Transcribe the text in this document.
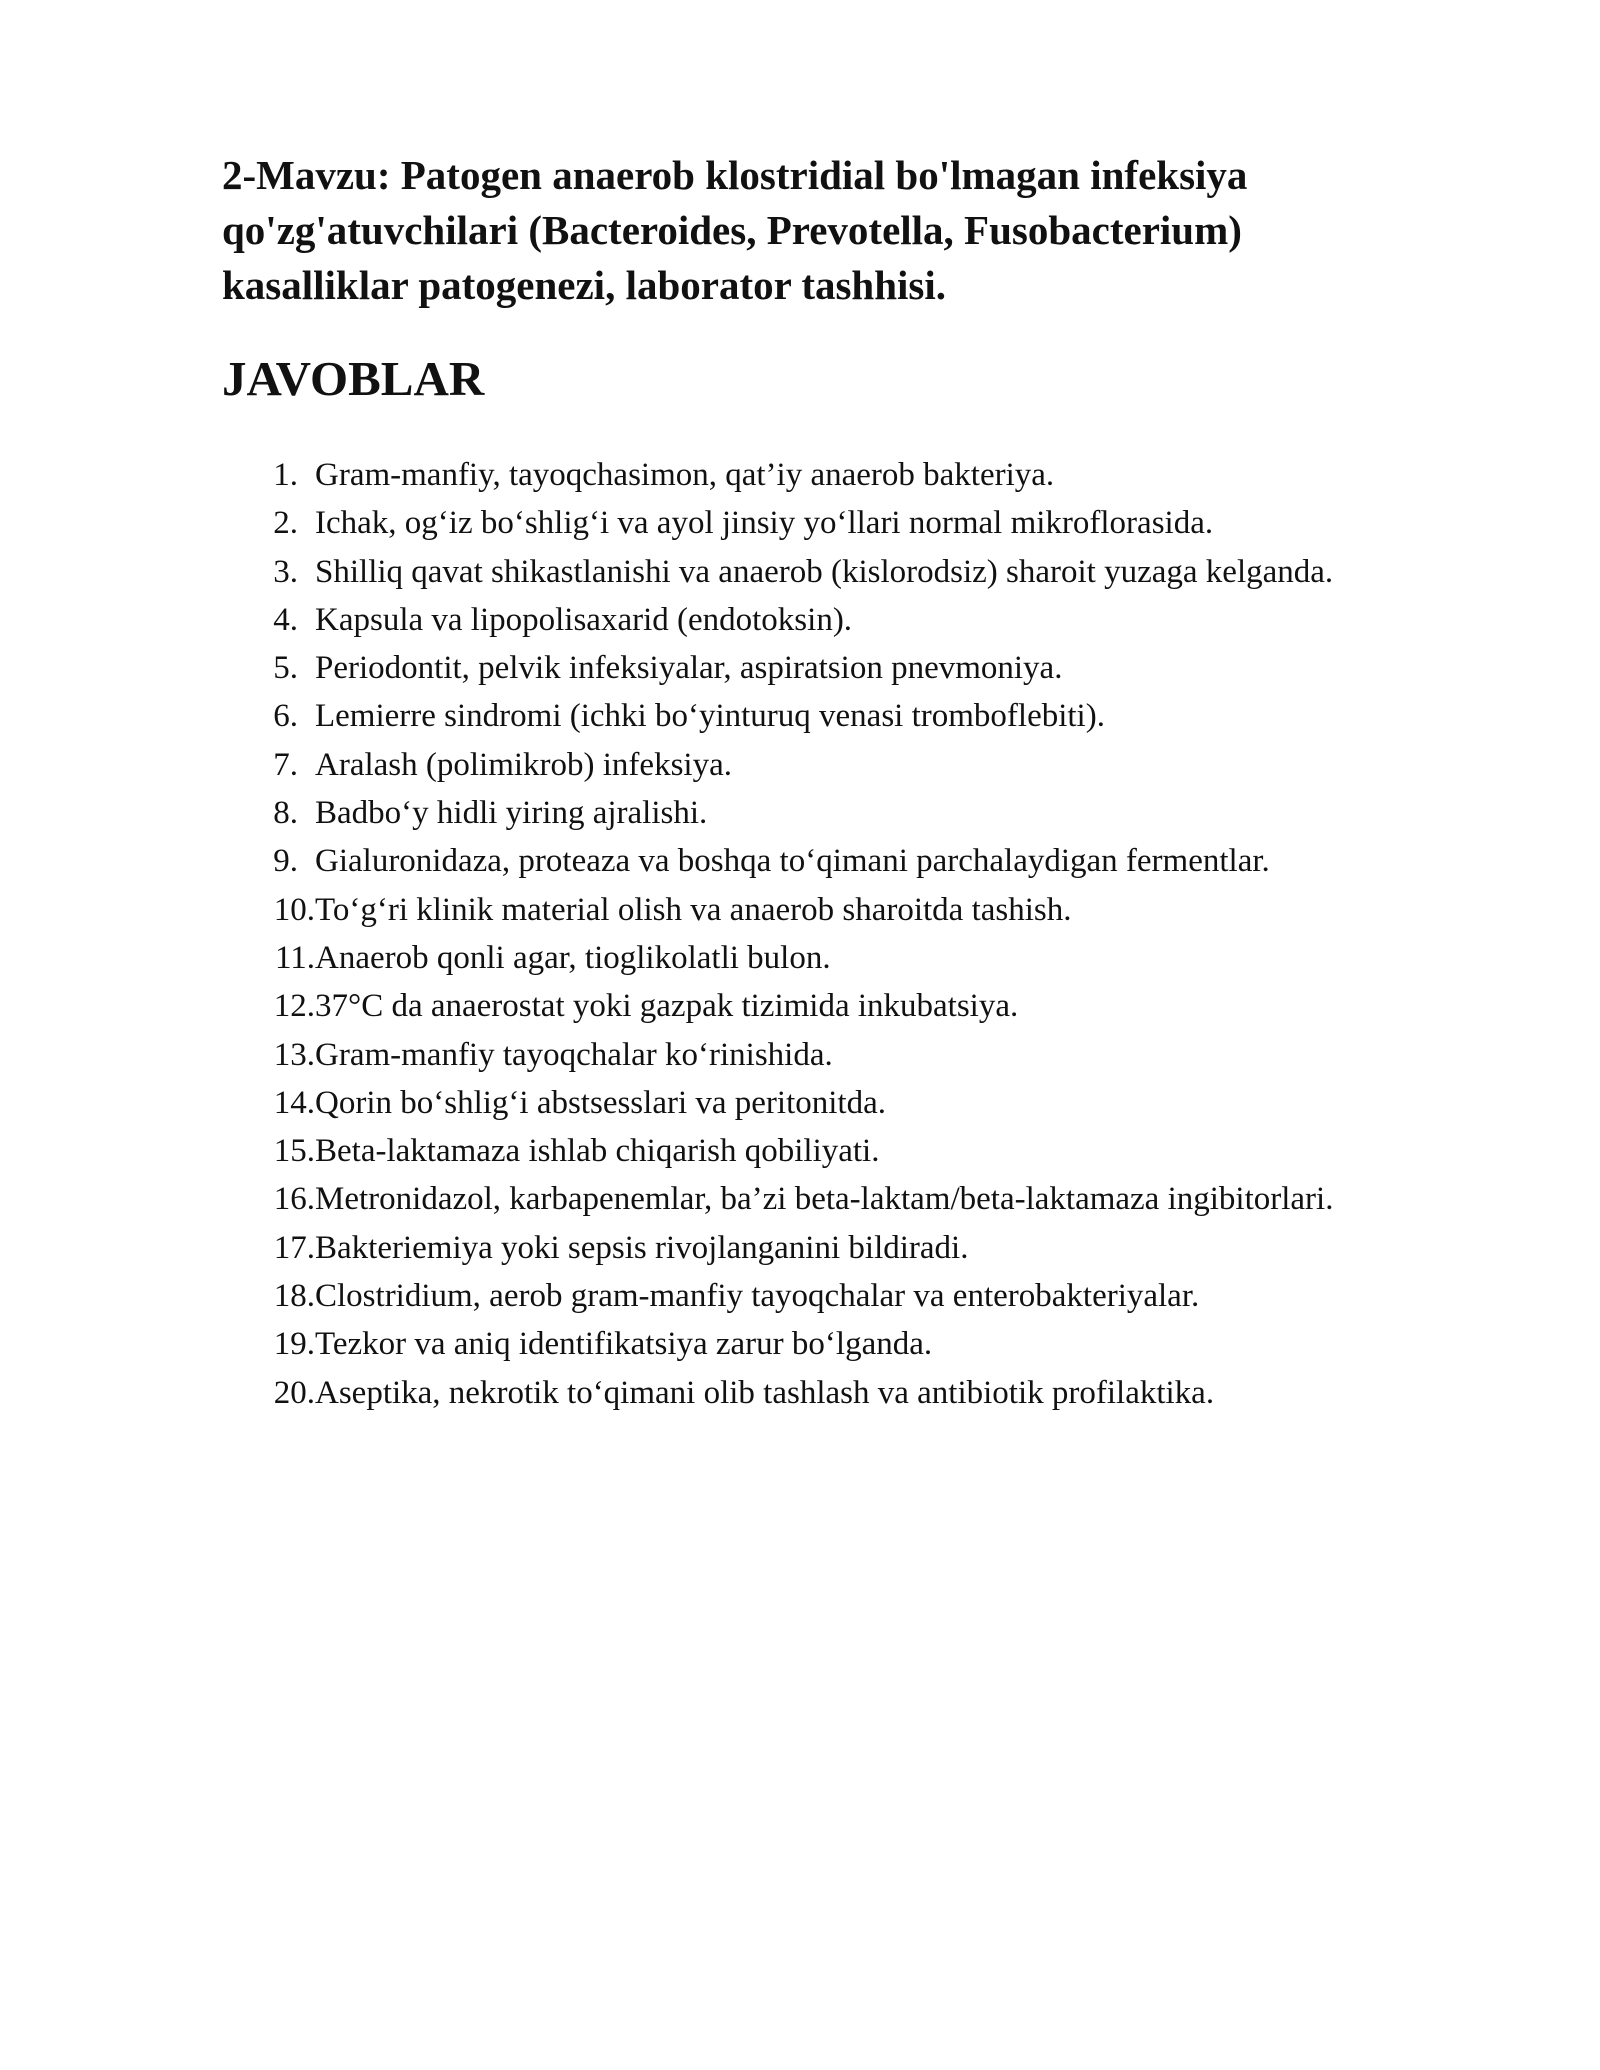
2-Mavzu: Patogen anaerob klostridial bo'lmagan infeksiya
qo'zg'atuvchilari (Bacteroides, Prevotella, Fusobacterium)
kasalliklar patogenezi, laborator tashhisi.
JAVOBLAR
1. Gram-manfiy, tayoqchasimon, qat’iy anaerob bakteriya.
2. Ichak, og‘iz bo‘shlig‘i va ayol jinsiy yo‘llari normal mikroflorasida.
3. Shilliq qavat shikastlanishi va anaerob (kislorodsiz) sharoit yuzaga kelganda.
4. Kapsula va lipopolisaxarid (endotoksin).
5. Periodontit, pelvik infeksiyalar, aspiratsion pnevmoniya.
6. Lemierre sindromi (ichki bo‘yinturuq venasi tromboflebiti).
7. Aralash (polimikrob) infeksiya.
8. Badbo‘y hidli yiring ajralishi.
9. Gialuronidaza, proteaza va boshqa to‘qimani parchalaydigan fermentlar.
10.To‘g‘ri klinik material olish va anaerob sharoitda tashish.
11.Anaerob qonli agar, tioglikolatli bulon.
12.37°C da anaerostat yoki gazpak tizimida inkubatsiya.
13.Gram-manfiy tayoqchalar ko‘rinishida.
14.Qorin bo‘shlig‘i abstsesslari va peritonitda.
15.Beta-laktamaza ishlab chiqarish qobiliyati.
16.Metronidazol, karbapenemlar, ba’zi beta-laktam/beta-laktamaza ingibitorlari.
17.Bakteriemiya yoki sepsis rivojlanganini bildiradi.
18.Clostridium, aerob gram-manfiy tayoqchalar va enterobakteriyalar.
19.Tezkor va aniq identifikatsiya zarur bo‘lganda.
20.Aseptika, nekrotik to‘qimani olib tashlash va antibiotik profilaktika.
